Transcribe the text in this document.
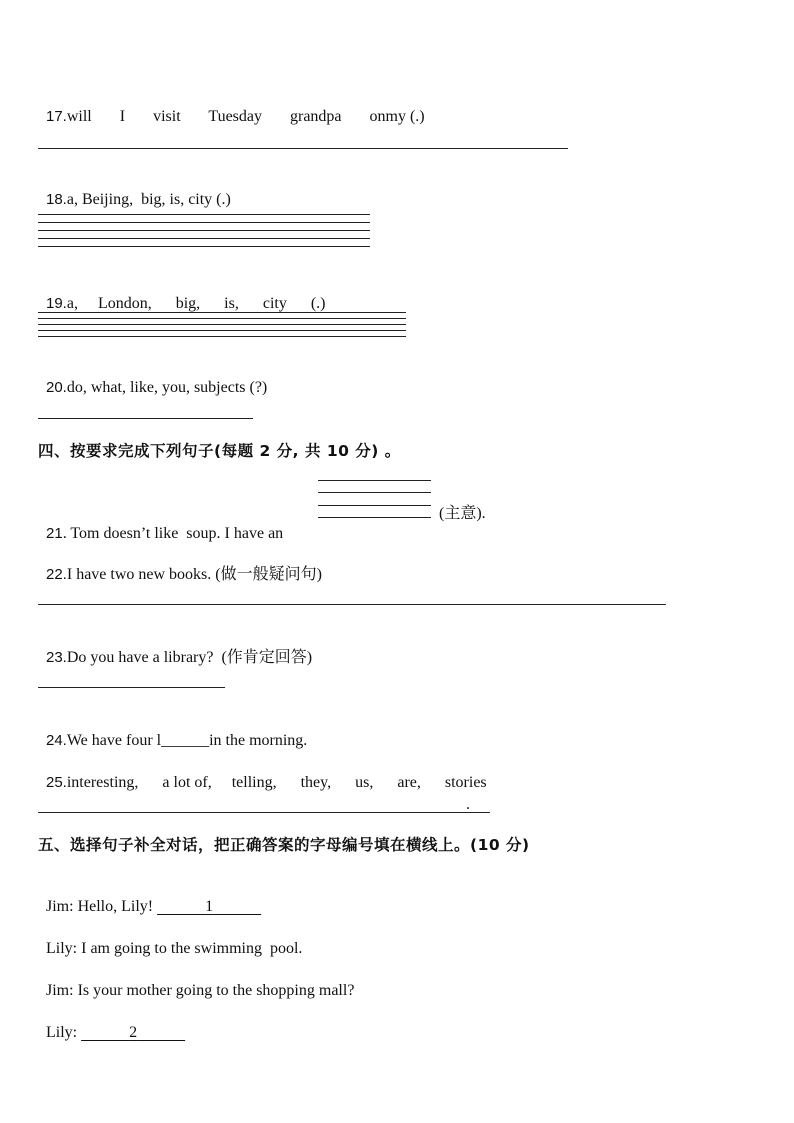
17.will       I       visit       Tuesday       grandpa       onmy (.)

18.a, Beijing,  big, is, city (.)

19.a,     London,      big,      is,      city      (.)

20.do, what, like, you, subjects (?)

四、按要求完成下列句子(每题 2 分, 共 10 分) 。

21. Tom doesn’t like  soup. I have an

(主意).

22.I have two new books. (做一般疑问句)

23.Do you have a library?  (作肯定回答)

24.We have four l______in the morning.

25.interesting,      a lot of,     telling,      they,      us,      are,      stories

.
五、选择句子补全对话，把正确答案的字母编号填在横线上。(10 分)

Jim: Hello, Lily!	1

Lily: I am going to the swimming  pool.

Jim: Is your mother going to the shopping mall?

Lily:	2
